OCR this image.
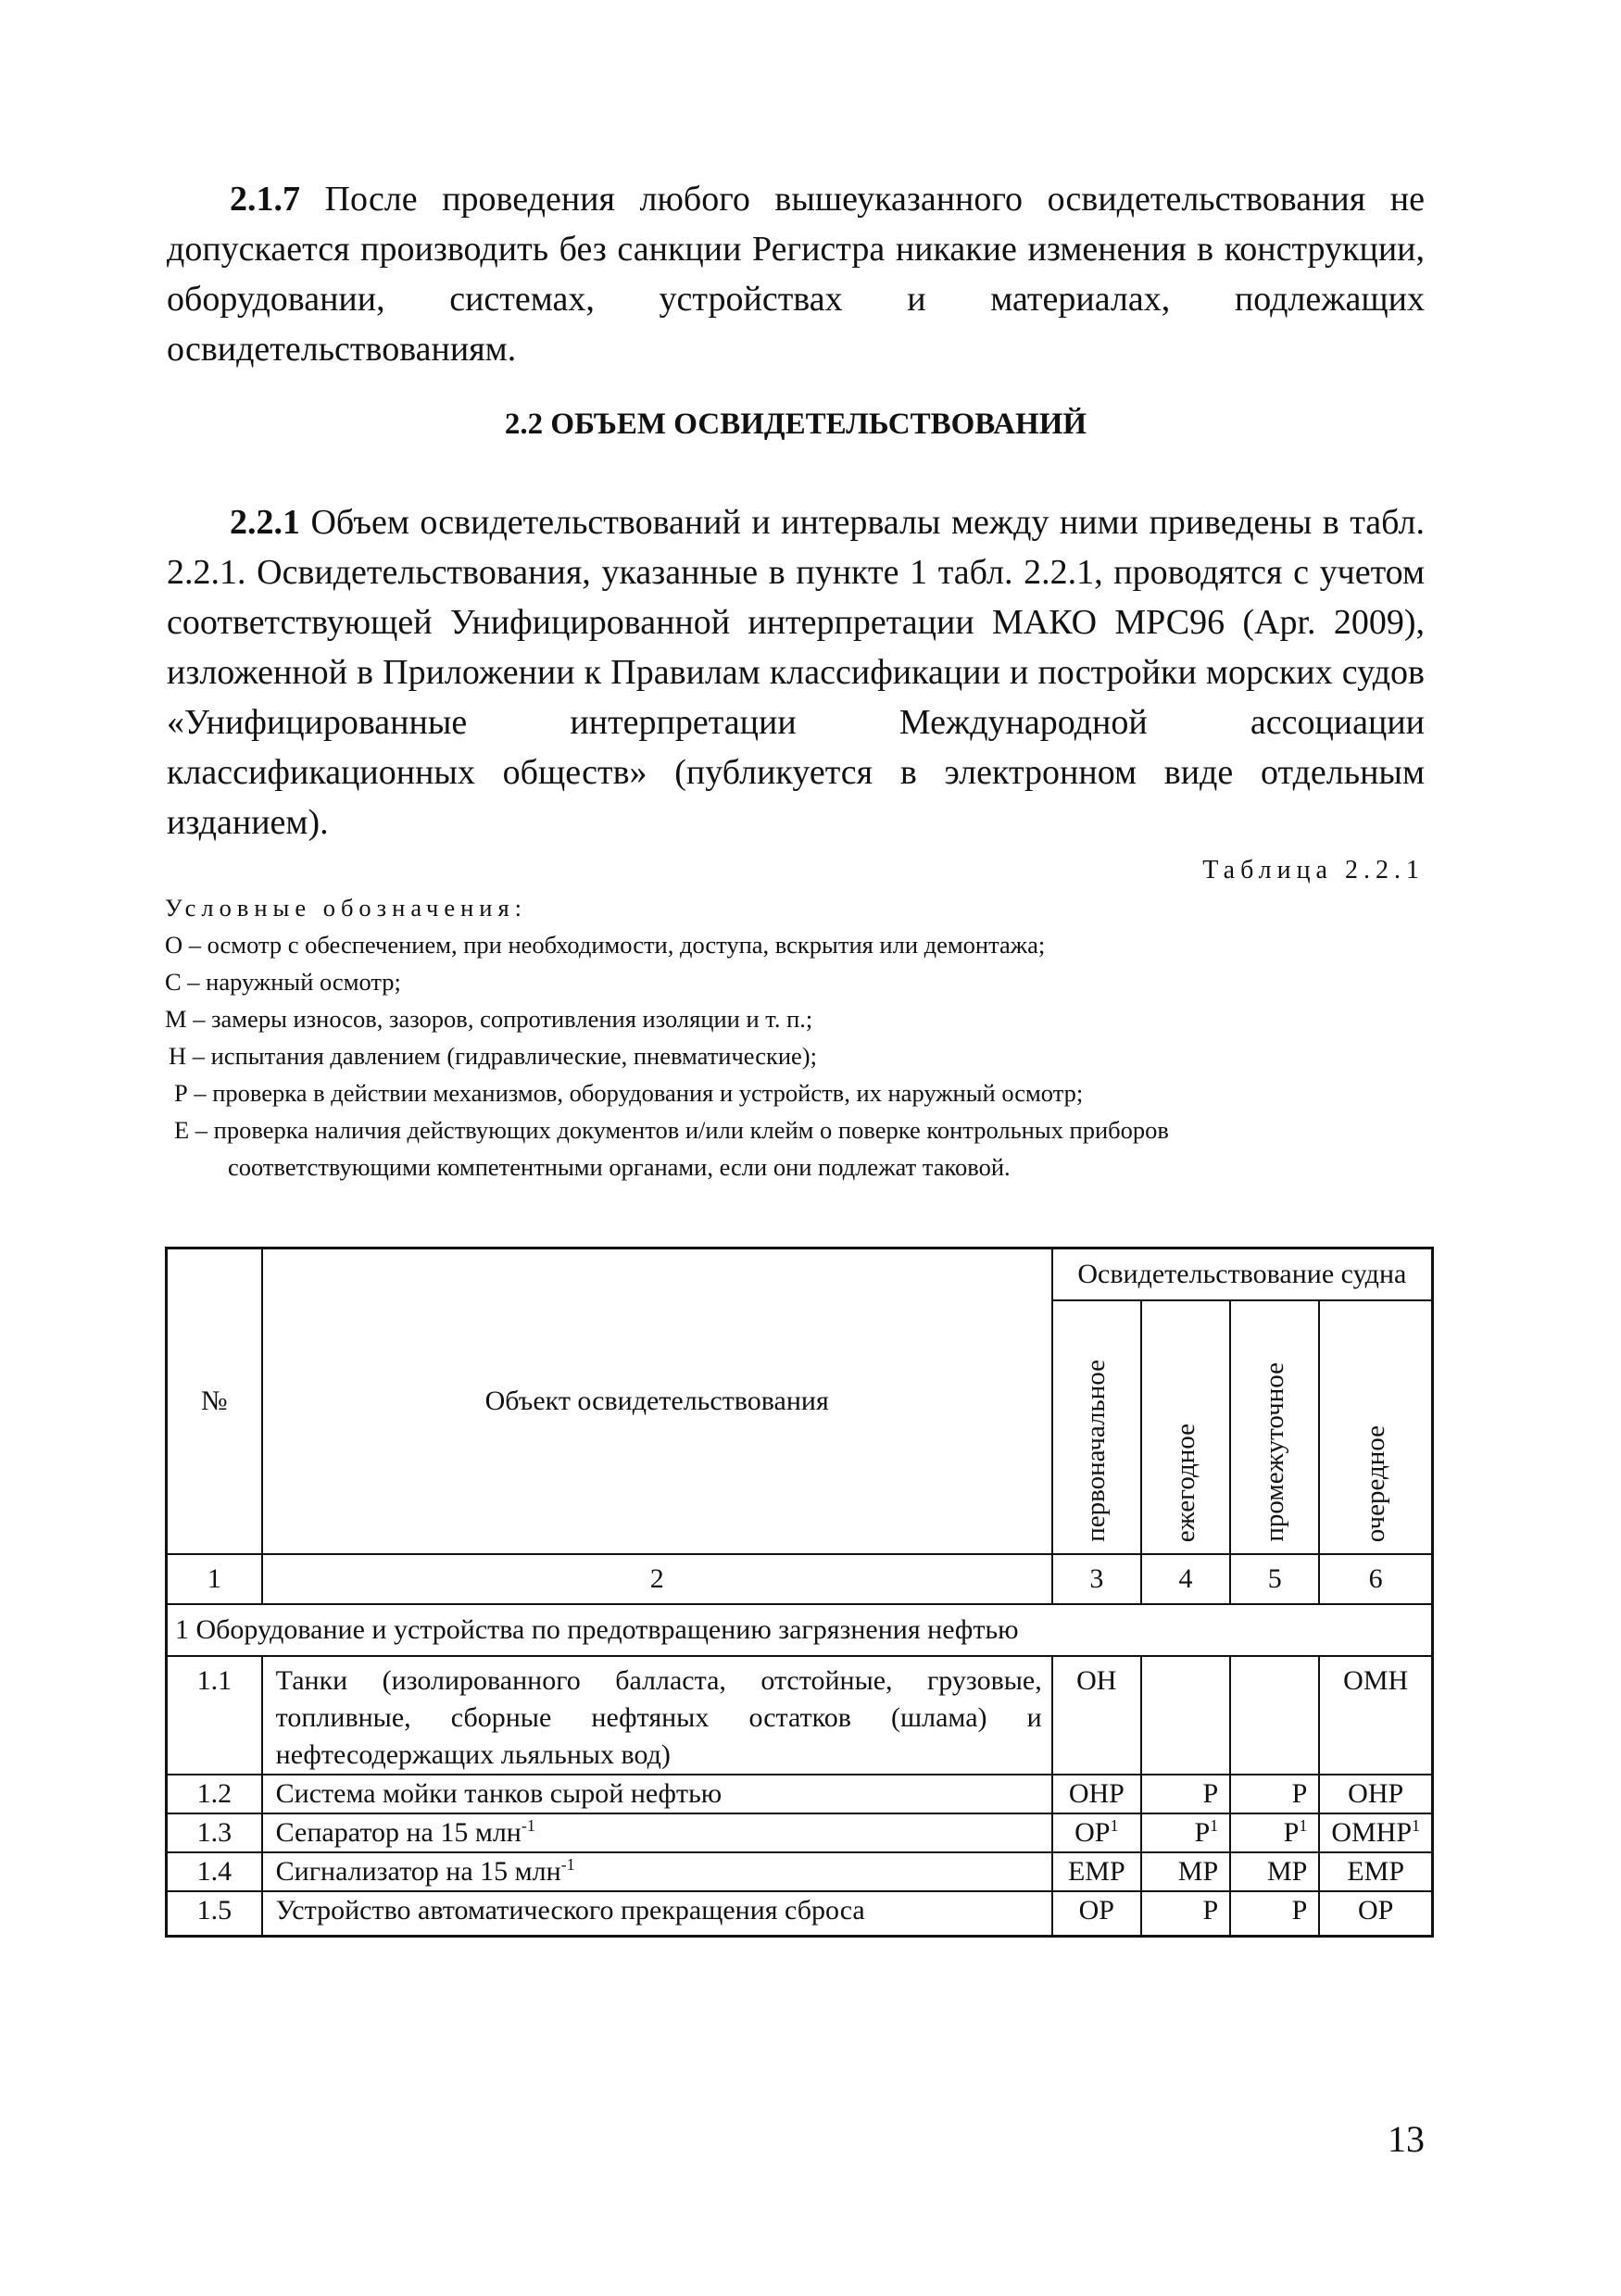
2.1.7 После проведения любого вышеуказанного освидетельствования не допускается производить без санкции Регистра никакие изменения в конструкции, оборудовании, системах, устройствах и материалах, подлежащих освидетельствованиям.

2.2 ОБЪЕМ ОСВИДЕТЕЛЬСТВОВАНИЙ

2.2.1 Объем освидетельствований и интервалы между ними приведены в табл. 2.2.1. Освидетельствования, указанные в пункте 1 табл. 2.2.1, проводятся с учетом соответствующей Унифицированной интерпретации МАКО МРС96 (Apr. 2009), изложенной в Приложении к Правилам классификации и постройки морских судов «Унифицированные интерпретации Международной ассоциации классификационных обществ» (публикуется в электронном виде отдельным изданием).

Таблица 2.2.1

Условные обозначения:
О – осмотр с обеспечением, при необходимости, доступа, вскрытия или демонтажа;
С – наружный осмотр;
М – замеры износов, зазоров, сопротивления изоляции и т. п.;
Н – испытания давлением (гидравлические, пневматические);
Р – проверка в действии механизмов, оборудования и устройств, их наружный осмотр;
Е – проверка наличия действующих документов и/или клейм о поверке контрольных приборов
соответствующими компетентными органами, если они подлежат таковой.
№	Объект освидетельствования	Освидетельствование судна			

		первоначальное	ежегодное	промежуточное	очередное

1	2	3	4	5	6
1 Оборудование и устройства по предотвращению загрязнения нефтью					
1.1	Танки (изолированного балласта, отстойные, грузовые, топливные, сборные нефтяных остатков (шлама) и нефтесодержащих льяльных вод)	ОН			ОМН
1.2	Система мойки танков сырой нефтью	ОНР	Р	Р	ОНР
1.3	Сепаратор на 15 млн$^{-1}$	$ОР^1$	$Р^1$	$Р^1$	ОМНР$^1$
1.4	Сигнализатор на 15 млн$^{-1}$	ЕМР	МР	МР	ЕМР
1.5	Устройство автоматического прекращения сброса	ОР	Р	Р	ОР

13
